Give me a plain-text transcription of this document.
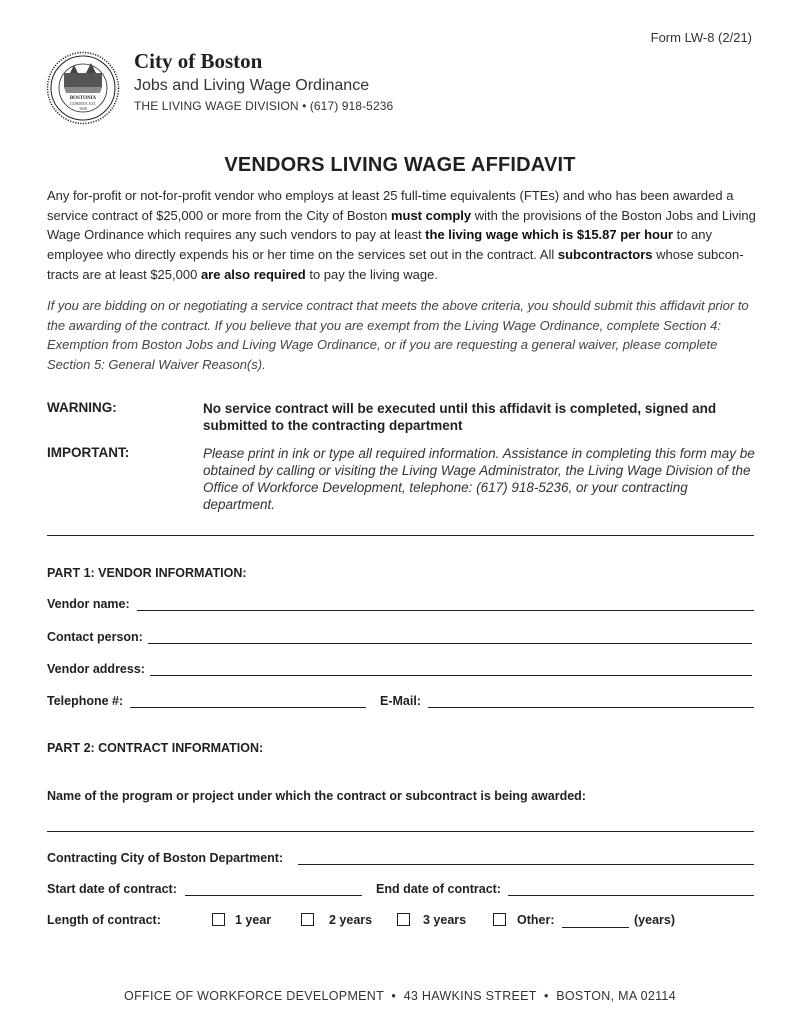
Form LW-8 (2/21)
BOSTONIA
CONDITA A.D.
1630
City of Boston
Jobs and Living Wage Ordinance
THE LIVING WAGE DIVISION • (617) 918-5236
VENDORS LIVING WAGE AFFIDAVIT
Any for-profit or not-for-profit vendor who employs at least 25 full-time equivalents (FTEs) and who has been awarded a service contract of $25,000 or more from the City of Boston must comply with the provisions of the Boston Jobs and Living Wage Ordinance which requires any such vendors to pay at least the living wage which is $15.87 per hour to any employee who directly expends his or her time on the services set out in the contract. All subcontractors whose subcon-tracts are at least $25,000 are also required to pay the living wage.
If you are bidding on or negotiating a service contract that meets the above criteria, you should submit this affidavit prior to the awarding of the contract. If you believe that you are exempt from the Living Wage Ordinance, complete Section 4: Exemption from Boston Jobs and Living Wage Ordinance, or if you are requesting a general waiver, please complete Section 5: General Waiver Reason(s).
WARNING:	No service contract will be executed until this affidavit is completed, signed and submitted to the contracting department
IMPORTANT:	Please print in ink or type all required information. Assistance in completing this form may be obtained by calling or visiting the Living Wage Administrator, the Living Wage Division of the Office of Workforce Development, telephone: (617) 918-5236, or your contracting department.
PART 1: VENDOR INFORMATION:
Vendor name:
Contact person:
Vendor address:
Telephone #:	E-Mail:
PART 2: CONTRACT INFORMATION:
Name of the program or project under which the contract or subcontract is being awarded:
Contracting City of Boston Department:
Start date of contract:	End date of contract:
Length of contract:	1 year	2 years	3 years	Other:	(years)
OFFICE OF WORKFORCE DEVELOPMENT  •  43 HAWKINS STREET  •  BOSTON, MA 02114
